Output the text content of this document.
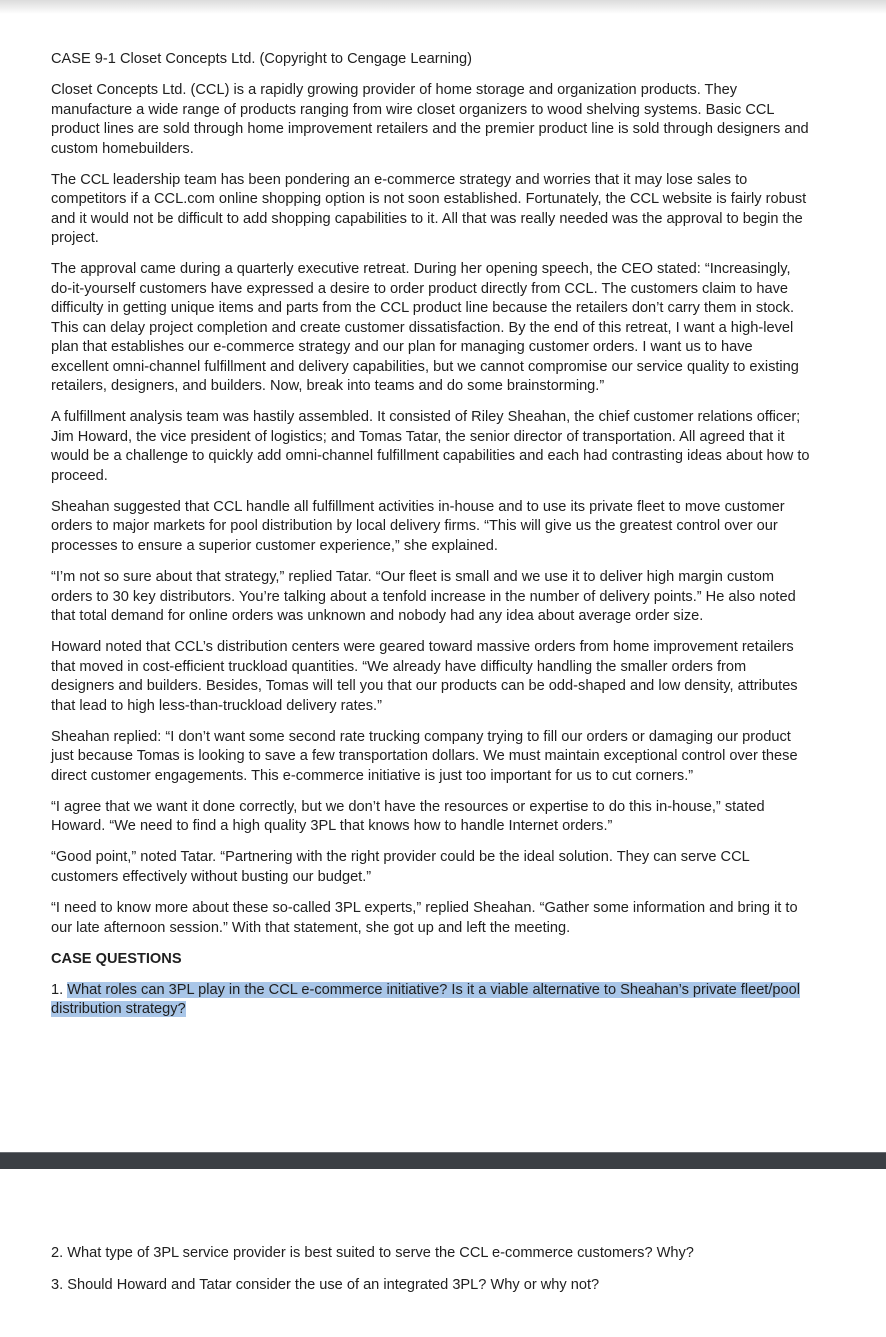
CASE 9-1 Closet Concepts Ltd. (Copyright to Cengage Learning)

Closet Concepts Ltd. (CCL) is a rapidly growing provider of home storage and organization products. They manufacture a wide range of products ranging from wire closet organizers to wood shelving systems. Basic CCL product lines are sold through home improvement retailers and the premier product line is sold through designers and custom homebuilders.

The CCL leadership team has been pondering an e-commerce strategy and worries that it may lose sales to competitors if a CCL.com online shopping option is not soon established. Fortunately, the CCL website is fairly robust and it would not be difficult to add shopping capabilities to it. All that was really needed was the approval to begin the project.

The approval came during a quarterly executive retreat. During her opening speech, the CEO stated: “Increasingly, do-it-yourself customers have expressed a desire to order product directly from CCL. The customers claim to have difficulty in getting unique items and parts from the CCL product line because the retailers don’t carry them in stock. This can delay project completion and create customer dissatisfaction. By the end of this retreat, I want a high-level plan that establishes our e-commerce strategy and our plan for managing customer orders. I want us to have excellent omni-channel fulfillment and delivery capabilities, but we cannot compromise our service quality to existing retailers, designers, and builders. Now, break into teams and do some brainstorming.”

A fulfillment analysis team was hastily assembled. It consisted of Riley Sheahan, the chief customer relations officer; Jim Howard, the vice president of logistics; and Tomas Tatar, the senior director of transportation. All agreed that it would be a challenge to quickly add omni-channel fulfillment capabilities and each had contrasting ideas about how to proceed.

Sheahan suggested that CCL handle all fulfillment activities in-house and to use its private fleet to move customer orders to major markets for pool distribution by local delivery firms. “This will give us the greatest control over our processes to ensure a superior customer experience,” she explained.

“I’m not so sure about that strategy,” replied Tatar. “Our fleet is small and we use it to deliver high margin custom orders to 30 key distributors. You’re talking about a tenfold increase in the number of delivery points.” He also noted that total demand for online orders was unknown and nobody had any idea about average order size.

Howard noted that CCL’s distribution centers were geared toward massive orders from home improvement retailers that moved in cost-efficient truckload quantities. “We already have difficulty handling the smaller orders from designers and builders. Besides, Tomas will tell you that our products can be odd-shaped and low density, attributes that lead to high less-than-truckload delivery rates.”

Sheahan replied: “I don’t want some second rate trucking company trying to fill our orders or damaging our product just because Tomas is looking to save a few transportation dollars. We must maintain exceptional control over these direct customer engagements. This e-commerce initiative is just too important for us to cut corners.”

“I agree that we want it done correctly, but we don’t have the resources or expertise to do this in-house,” stated Howard. “We need to find a high quality 3PL that knows how to handle Internet orders.”

“Good point,” noted Tatar. “Partnering with the right provider could be the ideal solution. They can serve CCL customers effectively without busting our budget.”

“I need to know more about these so-called 3PL experts,” replied Sheahan. “Gather some information and bring it to our late afternoon session.” With that statement, she got up and left the meeting.

CASE QUESTIONS

1. What roles can 3PL play in the CCL e-commerce initiative? Is it a viable alternative to Sheahan’s private fleet/pool distribution strategy?

2. What type of 3PL service provider is best suited to serve the CCL e-commerce customers? Why?
3. Should Howard and Tatar consider the use of an integrated 3PL? Why or why not?
